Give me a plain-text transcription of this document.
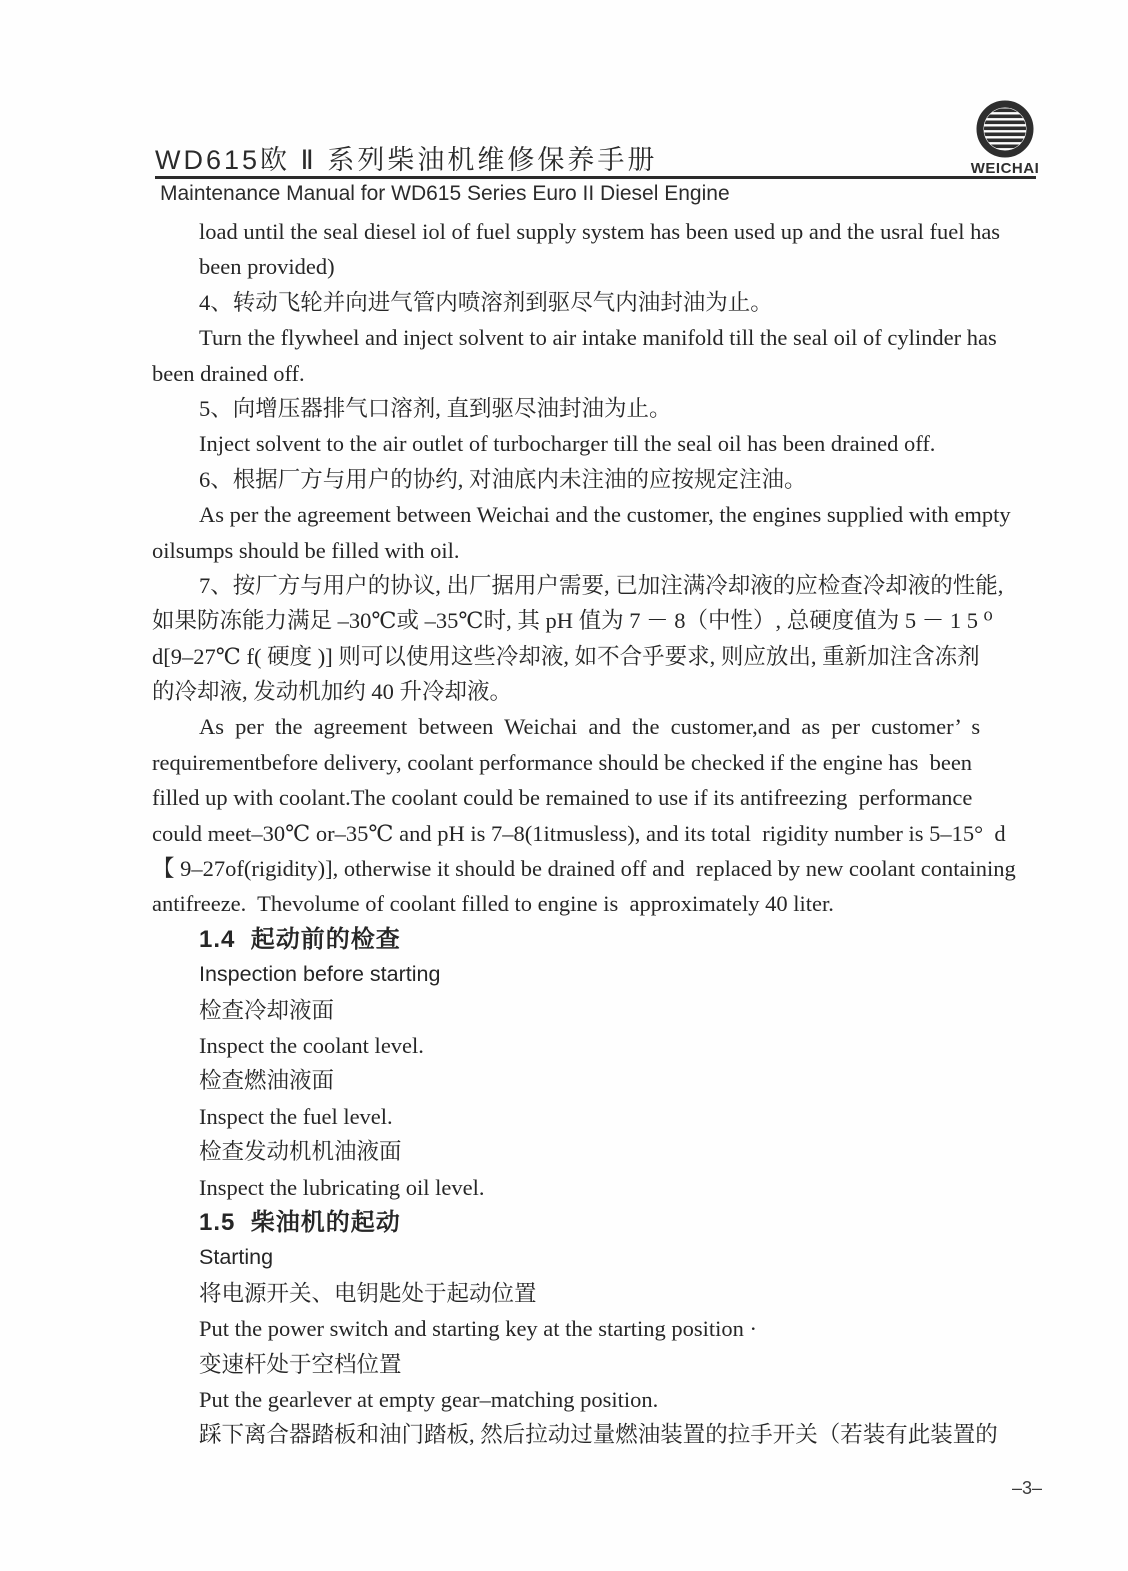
WD615欧 Ⅱ 系列柴油机维修保养手册
Maintenance Manual for WD615 Series Euro II Diesel Engine
WEICHAI
load until the seal diesel iol of fuel supply system has been used up and the usral fuel has
been provided)
4、转动飞轮并向进气管内喷溶剂到驱尽气内油封油为止。
Turn the flywheel and inject solvent to air intake manifold till the seal oil of cylinder has
been drained off.
5、向增压器排气口溶剂, 直到驱尽油封油为止。
Inject solvent to the air outlet of turbocharger till the seal oil has been drained off.
6、根据厂方与用户的协约, 对油底内未注油的应按规定注油。
As per the agreement between Weichai and the customer, the engines supplied with empty
oilsumps should be filled with oil.
7、按厂方与用户的协议, 出厂据用户需要, 已加注满冷却液的应检查冷却液的性能,
如果防冻能力满足 –30℃或 –35℃时, 其 pH 值为 7 － 8（中性）, 总硬度值为 5 － 1 5 ⁰
d[9–27℃ f( 硬度 )] 则可以使用这些冷却液, 如不合乎要求, 则应放出, 重新加注含冻剂
的冷却液, 发动机加约 40 升冷却液。
As per the agreement between Weichai and the customer,and as per customer’ s
requirementbefore delivery, coolant performance should be checked if the engine has  been
filled up with coolant.The coolant could be remained to use if its antifreezing  performance
could meet–30℃ or–35℃ and pH is 7–8(1itmusless), and its total  rigidity number is 5–15°  d
【 9–27of(rigidity)], otherwise it should be drained off and  replaced by new coolant containing
antifreeze.  Thevolume of coolant filled to engine is  approximately 40 liter.
1.4  起动前的检查
Inspection before starting
检查冷却液面
Inspect the coolant level.
检查燃油液面
Inspect the fuel level.
检查发动机机油液面
Inspect the lubricating oil level.
1.5  柴油机的起动
Starting
将电源开关、电钥匙处于起动位置
Put the power switch and starting key at the starting position ·
变速杆处于空档位置
Put the gearlever at empty gear–matching position.
踩下离合器踏板和油门踏板, 然后拉动过量燃油装置的拉手开关（若装有此装置的
–3–
